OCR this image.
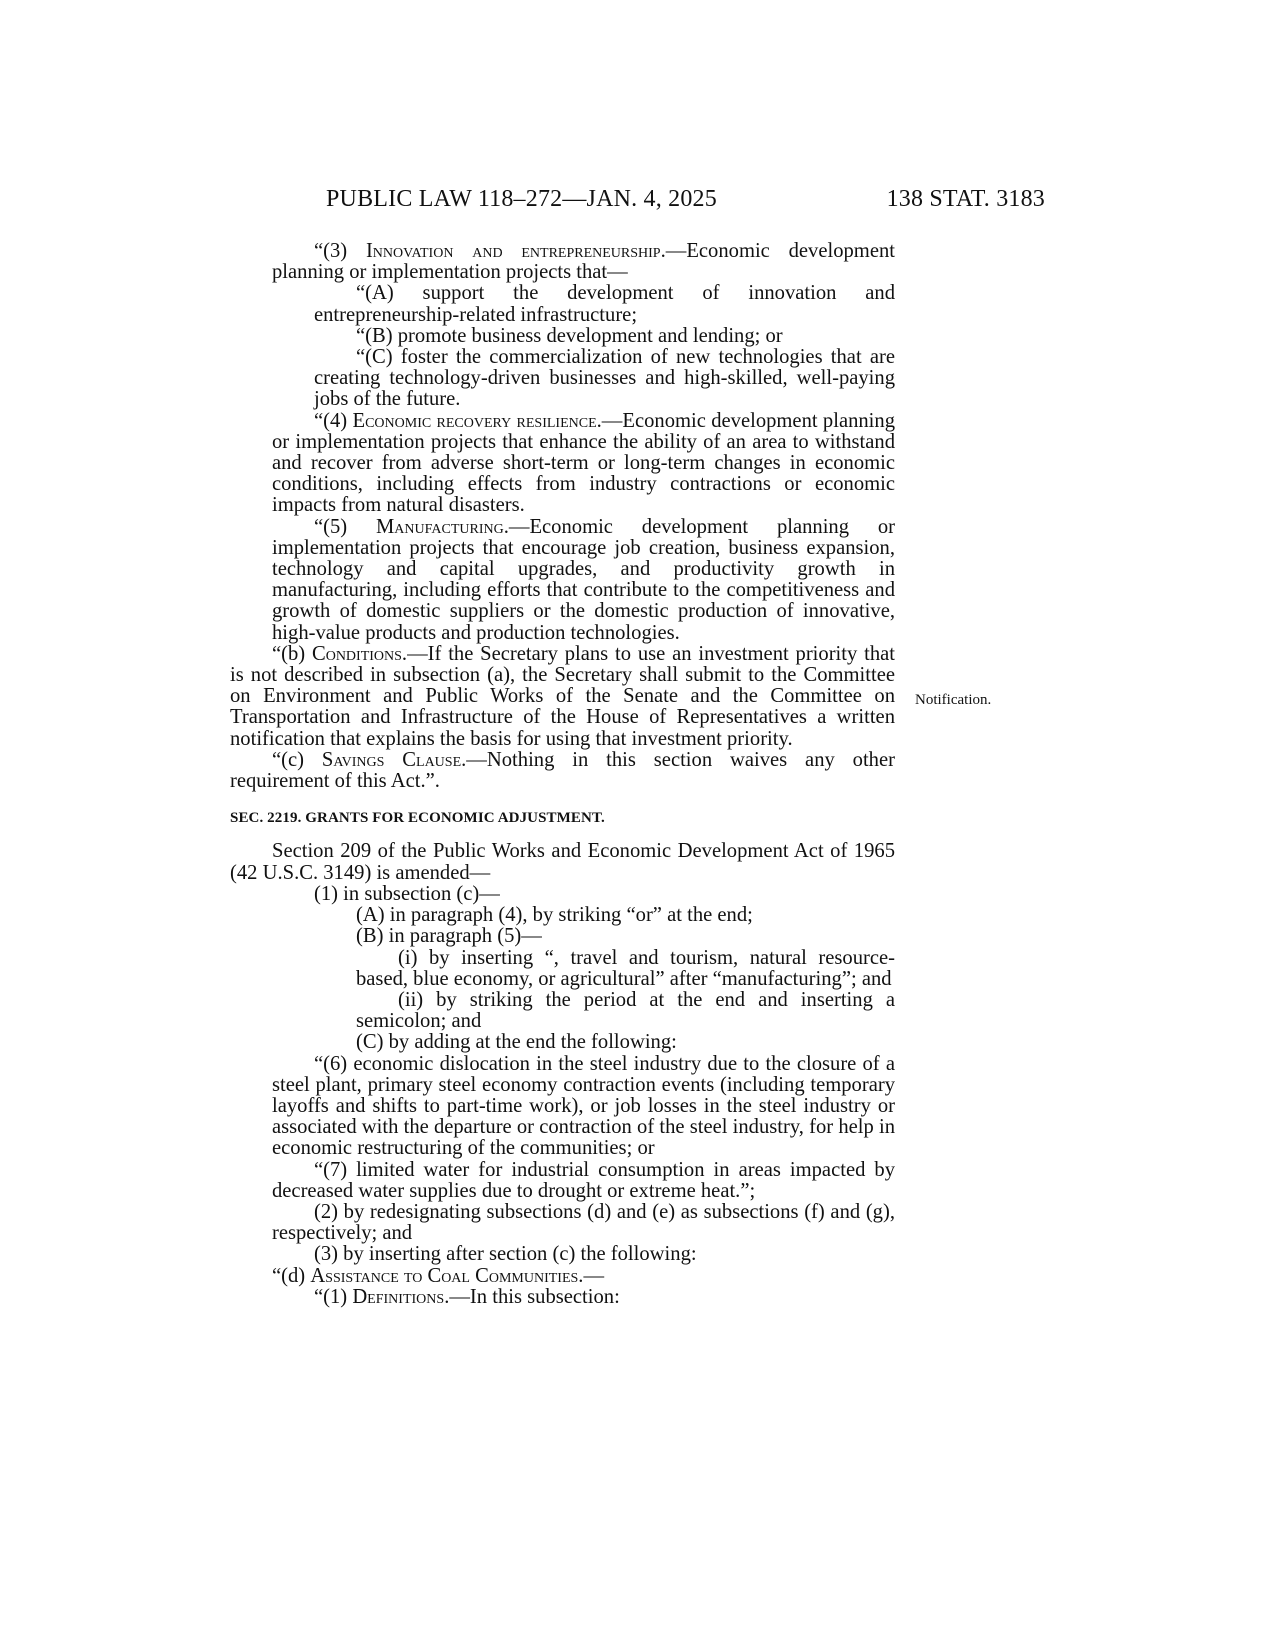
PUBLIC LAW 118–272—JAN. 4, 2025	138 STAT. 3183
Notification.

“(3) Innovation and entrepreneurship.—Economic development planning or implementation projects that—

“(A) support the development of innovation and entrepreneurship-related infrastructure;

“(B) promote business development and lending; or

“(C) foster the commercialization of new technologies that are creating technology-driven businesses and high-skilled, well-paying jobs of the future.

“(4) Economic recovery resilience.—Economic development planning or implementation projects that enhance the ability of an area to withstand and recover from adverse short-term or long-term changes in economic conditions, including effects from industry contractions or economic impacts from natural disasters.

“(5) Manufacturing.—Economic development planning or implementation projects that encourage job creation, business expansion, technology and capital upgrades, and productivity growth in manufacturing, including efforts that contribute to the competitiveness and growth of domestic suppliers or the domestic production of innovative, high-value products and production technologies.

“(b) Conditions.—If the Secretary plans to use an investment priority that is not described in subsection (a), the Secretary shall submit to the Committee on Environment and Public Works of the Senate and the Committee on Transportation and Infrastructure of the House of Representatives a written notification that explains the basis for using that investment priority.

“(c) Savings Clause.—Nothing in this section waives any other requirement of this Act.”.

SEC. 2219. GRANTS FOR ECONOMIC ADJUSTMENT.

Section 209 of the Public Works and Economic Development Act of 1965 (42 U.S.C. 3149) is amended—

(1) in subsection (c)—

(A) in paragraph (4), by striking “or” at the end;

(B) in paragraph (5)—

(i) by inserting “, travel and tourism, natural resource-based, blue economy, or agricultural” after “manufacturing”; and

(ii) by striking the period at the end and inserting a semicolon; and

(C) by adding at the end the following:

“(6) economic dislocation in the steel industry due to the closure of a steel plant, primary steel economy contraction events (including temporary layoffs and shifts to part-time work), or job losses in the steel industry or associated with the departure or contraction of the steel industry, for help in economic restructuring of the communities; or

“(7) limited water for industrial consumption in areas impacted by decreased water supplies due to drought or extreme heat.”;

(2) by redesignating subsections (d) and (e) as subsections (f) and (g), respectively; and

(3) by inserting after section (c) the following:

“(d) Assistance to Coal Communities.—

“(1) Definitions.—In this subsection:
